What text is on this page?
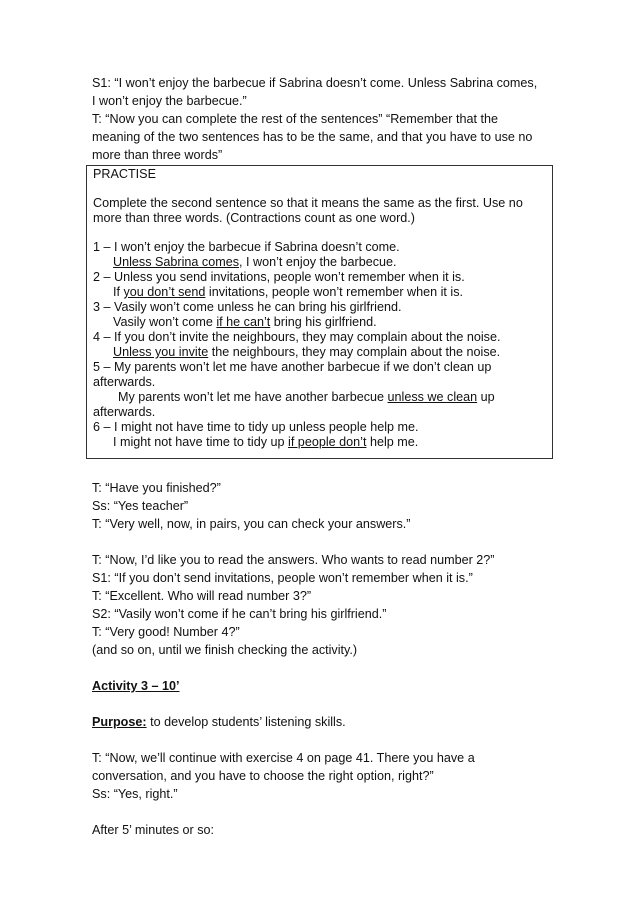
S1: “I won’t enjoy the barbecue if Sabrina doesn’t come. Unless Sabrina comes,

I won’t enjoy the barbecue.”

T: “Now you can complete the rest of the sentences” “Remember that the

meaning of the two sentences has to be the same, and that you have to use no

more than three words”

PRACTISE

Complete the second sentence so that it means the same as the first. Use no

more than three words. (Contractions count as one word.)

1 – I won’t enjoy the barbecue if Sabrina doesn’t come.

Unless Sabrina comes, I won’t enjoy the barbecue.

2 – Unless you send invitations, people won’t remember when it is.

If you don’t send invitations, people won’t remember when it is.

3 – Vasily won’t come unless he can bring his girlfriend.

Vasily won’t come if he can’t bring his girlfriend.

4 – If you don’t invite the neighbours, they may complain about the noise.

Unless you invite the neighbours, they may complain about the noise.

5 – My parents won’t let me have another barbecue if we don’t clean up

afterwards.

My parents won’t let me have another barbecue unless we clean up

afterwards.

6 – I might not have time to tidy up unless people help me.

I might not have time to tidy up if people don’t help me.

T: “Have you finished?”

Ss: “Yes teacher”

T: “Very well, now, in pairs, you can check your answers.”

T: “Now, I’d like you to read the answers. Who wants to read number 2?”

S1: “If you don’t send invitations, people won’t remember when it is.”

T: “Excellent. Who will read number 3?”

S2: “Vasily won’t come if he can’t bring his girlfriend.”

T: “Very good! Number 4?”

(and so on, until we finish checking the activity.)

Activity 3 – 10’

Purpose: to develop students’ listening skills.

T: “Now, we’ll continue with exercise 4 on page 41. There you have a

conversation, and you have to choose the right option, right?”

Ss: “Yes, right.”

After 5’ minutes or so:
